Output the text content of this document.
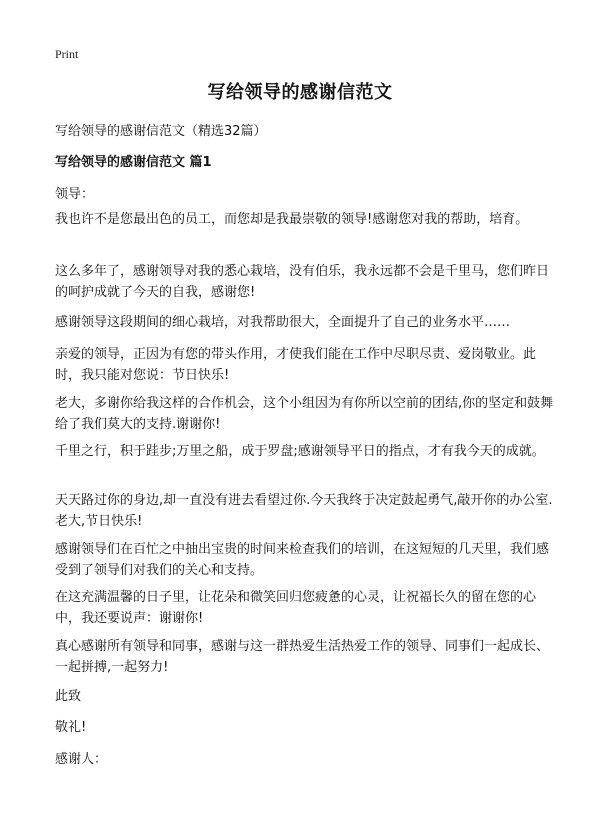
Print
写给领导的感谢信范文
写给领导的感谢信范文（精选32篇）
写给领导的感谢信范文 篇1
领导：
我也许不是您最出色的员工，而您却是我最崇敬的领导!感谢您对我的帮助，培育。
这么多年了，感谢领导对我的悉心栽培，没有伯乐，我永远都不会是千里马，您们昨日的呵护成就了今天的自我，感谢您!
感谢领导这段期间的细心栽培，对我帮助很大，全面提升了自己的业务水平……
亲爱的领导，正因为有您的带头作用，才使我们能在工作中尽职尽责、爱岗敬业。此时，我只能对您说：节日快乐!
老大，多谢你给我这样的合作机会，这个小组因为有你所以空前的团结,你的坚定和鼓舞给了我们莫大的支持.谢谢你!
千里之行，积于跬步;万里之船，成于罗盘;感谢领导平日的指点，才有我今天的成就。
天天路过你的身边,却一直没有进去看望过你.今天我终于决定鼓起勇气,敲开你的办公室.老大,节日快乐!
感谢领导们在百忙之中抽出宝贵的时间来检查我们的培训，在这短短的几天里，我们感受到了领导们对我们的关心和支持。
在这充满温馨的日子里，让花朵和微笑回归您疲惫的心灵，让祝福长久的留在您的心中，我还要说声：谢谢你!
真心感谢所有领导和同事，感谢与这一群热爱生活热爱工作的领导、同事们一起成长、一起拼搏,一起努力!
此致
敬礼!
感谢人：
